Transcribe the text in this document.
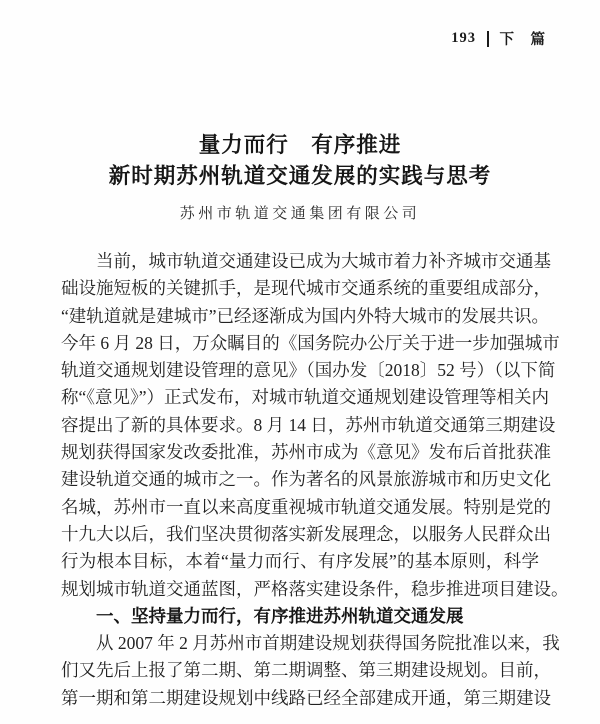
193 下　篇
量力而行　有序推进
新时期苏州轨道交通发展的实践与思考
苏州市轨道交通集团有限公司
当前，城市轨道交通建设已成为大城市着力补齐城市交通基
础设施短板的关键抓手，是现代城市交通系统的重要组成部分，
“建轨道就是建城市”已经逐渐成为国内外特大城市的发展共识。
今年 6 月 28 日，万众瞩目的《国务院办公厅关于进一步加强城市
轨道交通规划建设管理的意见》（国办发〔2018〕52 号）（以下简
称“《意见》”）正式发布，对城市轨道交通规划建设管理等相关内
容提出了新的具体要求。8 月 14 日，苏州市轨道交通第三期建设
规划获得国家发改委批准，苏州市成为《意见》发布后首批获准
建设轨道交通的城市之一。作为著名的风景旅游城市和历史文化
名城，苏州市一直以来高度重视城市轨道交通发展。特别是党的
十九大以后，我们坚决贯彻落实新发展理念，以服务人民群众出
行为根本目标，本着“量力而行、有序发展”的基本原则，科学
规划城市轨道交通蓝图，严格落实建设条件，稳步推进项目建设。
一、坚持量力而行，有序推进苏州轨道交通发展
从 2007 年 2 月苏州市首期建设规划获得国务院批准以来，我
们又先后上报了第二期、第二期调整、第三期建设规划。目前，
第一期和第二期建设规划中线路已经全部建成开通，第三期建设
